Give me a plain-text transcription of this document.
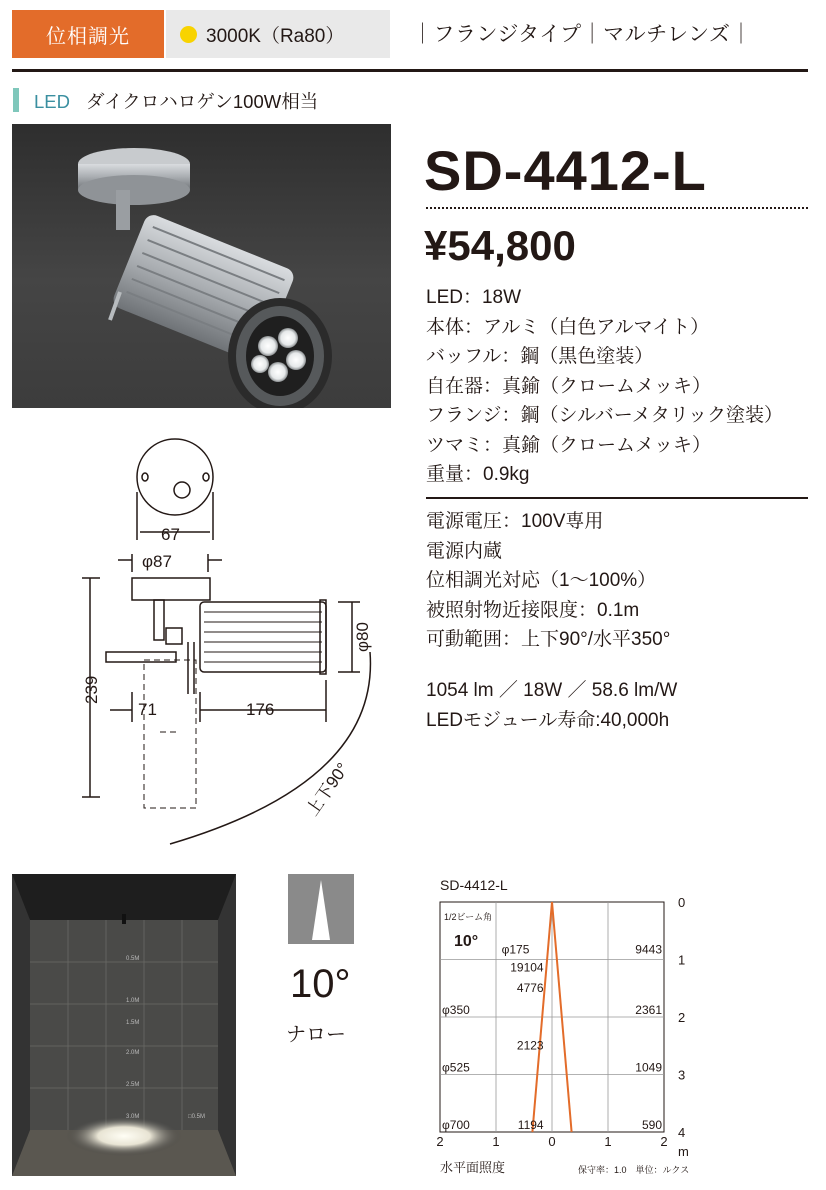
位相調光	3000K（Ra80）	｜フランジタイプ｜マルチレンズ｜
LED ダイクロハロゲン100W相当
SD-4412-L
¥54,800
LED：18W
本体：アルミ（白色アルマイト）
バッフル：鋼（黒色塗装）
自在器：真鍮（クロームメッキ）
フランジ：鋼（シルバーメタリック塗装）
ツマミ：真鍮（クロームメッキ）
重量：0.9kg
電源電圧：100V専用
電源内蔵
位相調光対応（1〜100%）
被照射物近接限度：0.1m
可動範囲：上下90°/水平350°
1054 lm ／ 18W ／ 58.6 lm/W
LEDモジュール寿命:40,000h
67
φ87
φ80
239
71	176
上下90°
0.5M
1.0M
1.5M
2.0M
2.5M
3.0M	□0.5M
10°
ナロー
SD-4412-L
1/2ビーム角
10°
水平面照度	保守率：1.0　単位：ルクス
0
1
2
3
4
m
2	1	0	1	2
φ175
19104
9443
φ350
4776
2361
φ525
2123
1049
φ700	1194	590
